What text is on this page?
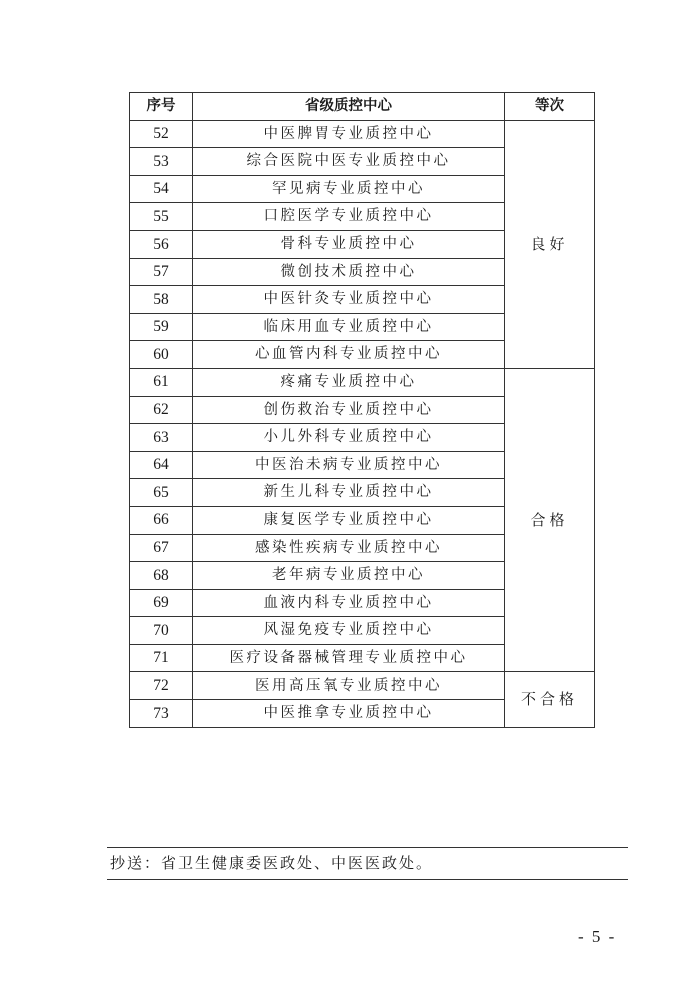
序号	省级质控中心	等次
52	中医脾胃专业质控中心	良好
53	综合医院中医专业质控中心	
54	罕见病专业质控中心	
55	口腔医学专业质控中心	
56	骨科专业质控中心	
57	微创技术质控中心	
58	中医针灸专业质控中心	
59	临床用血专业质控中心	
60	心血管内科专业质控中心	
61	疼痛专业质控中心	合格
62	创伤救治专业质控中心	
63	小儿外科专业质控中心	
64	中医治未病专业质控中心	
65	新生儿科专业质控中心	
66	康复医学专业质控中心	
67	感染性疾病专业质控中心	
68	老年病专业质控中心	
69	血液内科专业质控中心	
70	风湿免疫专业质控中心	
71	医疗设备器械管理专业质控中心	
72	医用高压氧专业质控中心	不合格
73	中医推拿专业质控中心	
抄送：省卫生健康委医政处、中医医政处。
- 5 -
